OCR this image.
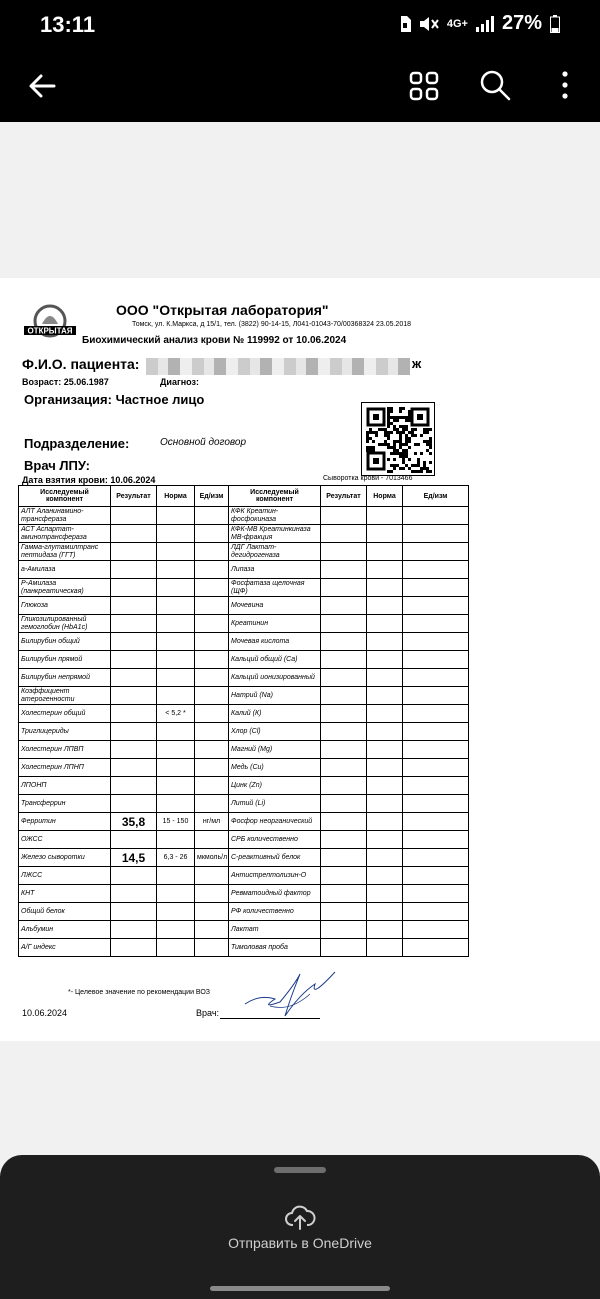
13:11	4G+ 27%
ОТКРЫТАЯ
ООО "Открытая лаборатория"
Томск, ул. К.Маркса, д 15/1, тел. (3822) 90-14-15, Л041-01043-70/00368324 23.05.2018
Биохимический анализ крови № 119992 от 10.06.2024
Ф.И.О. пациента:	ж
Возраст: 25.06.1987	Диагноз:
Организация: Частное лицо
Подразделение:	Основной договор
Врач ЛПУ:
Дата взятия крови: 10.06.2024	Сыворотка крови - 7013466
Исследуемый компонент	Результат	Норма	Ед/изм	Исследуемый компонент	Результат	Норма	Ед/изм
АЛТ Аланинамино-трансфераза				КФК Креатин-фосфокиназа			
АСТ Аспартат-аминотрансфераза				КФК-МВ Креатинкиназа МВ-фракция			
Гамма-глутамилтранс пептидаза (ГГТ)				ЛДГ Лактат-дегидрогеназа			
а-Амилаза				Липаза			
Р-Амилаза (панкреатическая)				Фосфатаза щелочная (ЩФ)			
Глюкоза				Мочевина			
Гликозилированный гемоглобин (HbA1c)				Креатинин			
Билирубин общий				Мочевая кислота			
Билирубин прямой				Кальций общий (Са)			
Билирубин непрямой				Кальций ионизированный			
Коэффициент атерогенности				Натрий (Na)			
Холестерин общий		< 5,2 *		Калий (К)			
Триглицериды				Хлор (Cl)			
Холестерин ЛПВП				Магний (Mg)			
Холестерин ЛПНП				Медь (Cu)			
ЛПОНП				Цинк (Zn)			
Трансферрин				Литий (Li)			
Ферритин	35,8	15 - 150	нг/мл	Фосфор неорганический			
ОЖСС				СРБ количественно			
Железо сыворотки	14,5	6,3 - 26	мкмоль/л	С-реактивный белок			
ЛЖСС				Антистрептолизин-О			
КНТ				Ревматоидный фактор			
Общий белок				РФ количественно			
Альбумин				Лактат			
А/Г индекс				Тимоловая проба			
*- Целевое значение по рекомендации ВОЗ
10.06.2024	Врач:
Отправить в OneDrive
